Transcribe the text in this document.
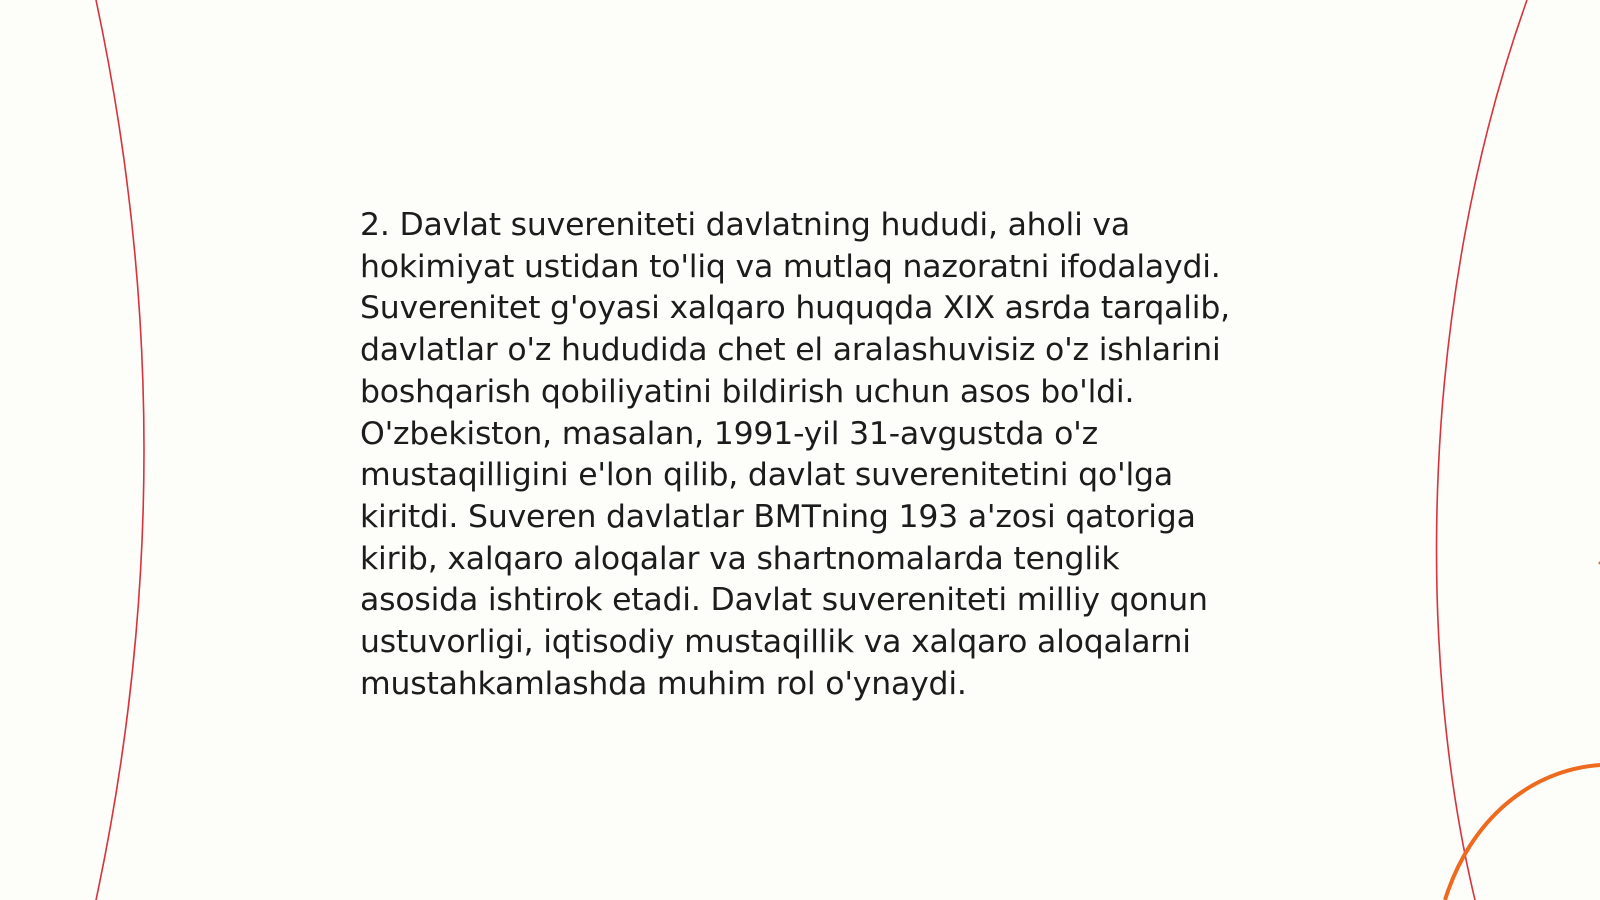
2. Davlat suvereniteti davlatning hududi, aholi va hokimiyat ustidan to'liq va mutlaq nazoratni ifodalaydi. Suverenitet g'oyasi xalqaro huquqda XIX asrda tarqalib, davlatlar o'z hududida chet el aralashuvisiz o'z ishlarini boshqarish qobiliyatini bildirish uchun asos bo'ldi. O'zbekiston, masalan, 1991-yil 31-avgustda o'z mustaqilligini e'lon qilib, davlat suverenitetini qo'lga kiritdi. Suveren davlatlar BMTning 193 a'zosi qatoriga kirib, xalqaro aloqalar va shartnomalarda tenglik asosida ishtirok etadi. Davlat suvereniteti milliy qonun ustuvorligi, iqtisodiy mustaqillik va xalqaro aloqalarni mustahkamlashda muhim rol o'ynaydi.
